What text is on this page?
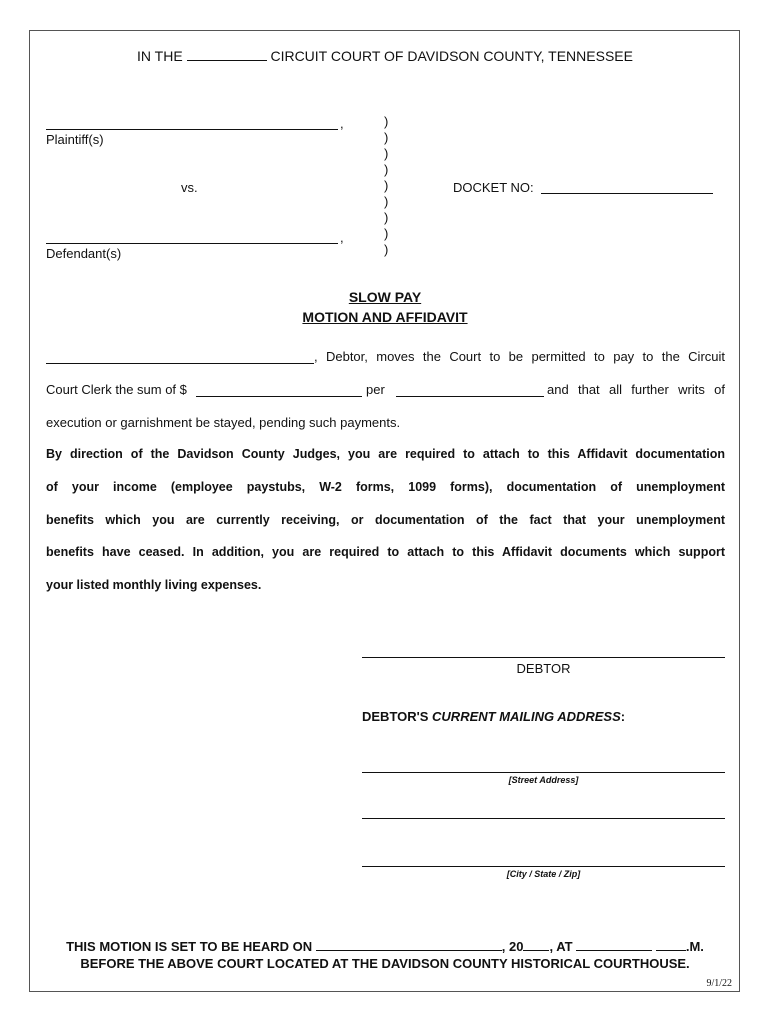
IN THE	CIRCUIT COURT OF DAVIDSON COUNTY, TENNESSEE
,
Plaintiff(s)
)
)
)
)
)
)
)
)
)
vs.	DOCKET NO:
,
Defendant(s)
SLOW PAY
MOTION AND AFFIDAVIT
, Debtor, moves the Court to be permitted to pay to the Circuit
Court Clerk the sum of $	per	and that all further writs of
execution or garnishment be stayed, pending such payments.
By direction of the Davidson County Judges, you are required to attach to this Affidavit documentation
of your income (employee paystubs, W-2 forms, 1099 forms), documentation of unemployment
benefits which you are currently receiving, or documentation of the fact that your unemployment
benefits have ceased. In addition, you are required to attach to this Affidavit documents which support
your listed monthly living expenses.
DEBTOR
DEBTOR'S CURRENT MAILING ADDRESS:
[Street Address]
[City / State / Zip]
THIS MOTION IS SET TO BE HEARD ON	, 20 , AT	.M.
BEFORE THE ABOVE COURT LOCATED AT THE DAVIDSON COUNTY HISTORICAL COURTHOUSE.
9/1/22
